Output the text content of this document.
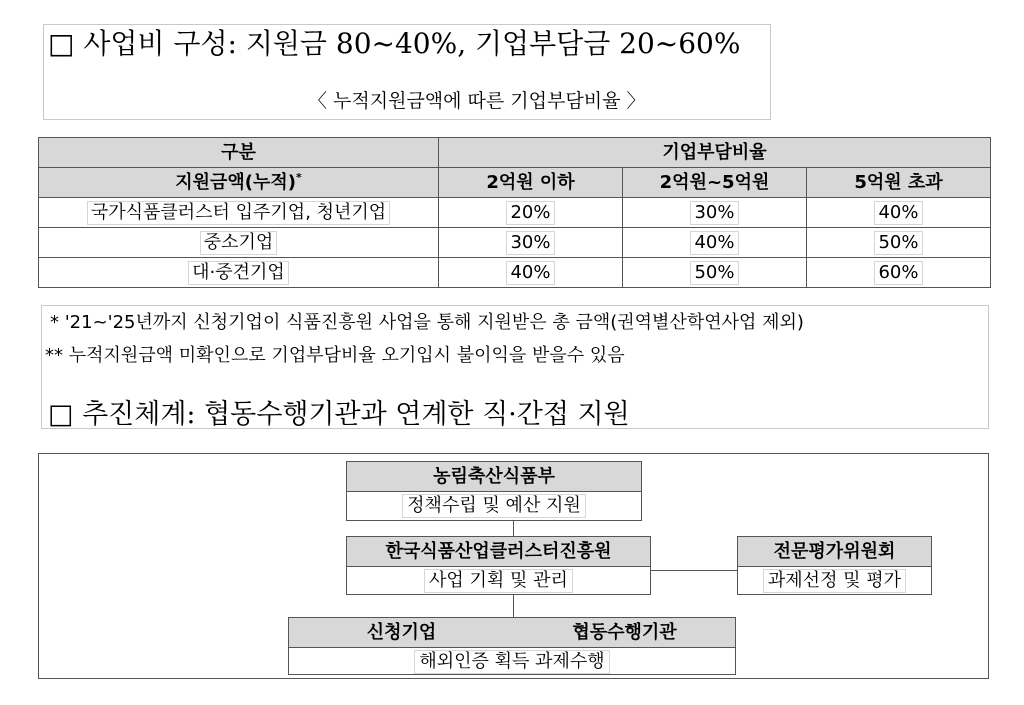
□ 사업비 구성: 지원금 80~40%, 기업부담금 20~60%
〈 누적지원금액에 따른 기업부담비율 〉
구분	기업부담비율		
지원금액(누적)*	2억원 이하	2억원~5억원	5억원 초과
국가식품클러스터 입주기업, 청년기업	20%	30%	40%
중소기업	30%	40%	50%
대·중견기업	40%	50%	60%
* '21~'25년까지 신청기업이 식품진흥원 사업을 통해 지원받은 총 금액(권역별산학연사업 제외)
** 누적지원금액 미확인으로 기업부담비율 오기입시 불이익을 받을수 있음
□ 추진체계: 협동수행기관과 연계한 직·간접 지원
농림축산식품부
정책수립 및 예산 지원
한국식품산업클러스터진흥원
사업 기획 및 관리
전문평가위원회
과제선정 및 평가
신청기업	협동수행기관
해외인증 획득 과제수행
